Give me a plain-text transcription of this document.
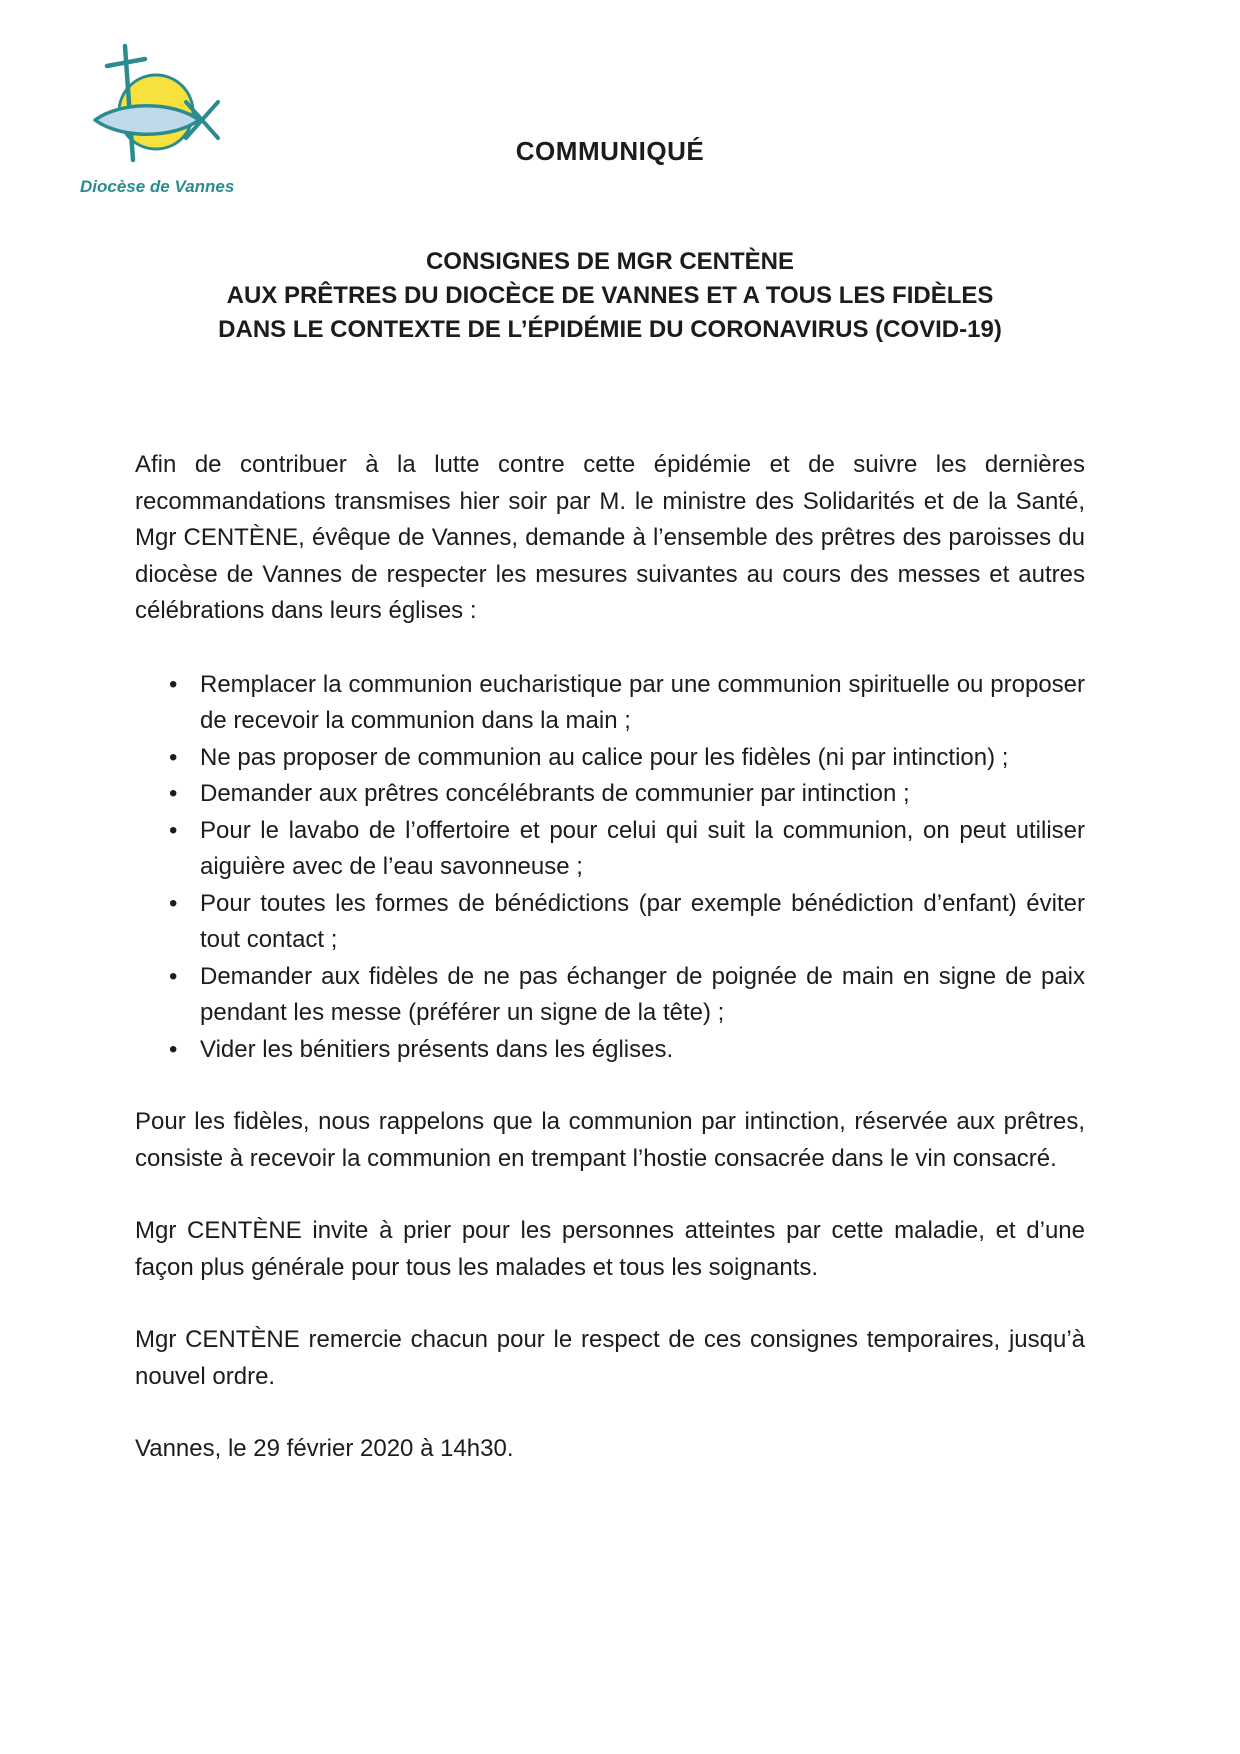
Diocèse de Vannes
COMMUNIQUÉ
CONSIGNES DE MGR CENTÈNE
AUX PRÊTRES DU DIOCÈCE DE VANNES ET A TOUS LES FIDÈLES
DANS LE CONTEXTE DE L’ÉPIDÉMIE DU CORONAVIRUS (COVID-19)

Afin de contribuer à la lutte contre cette épidémie et de suivre les dernières recommandations transmises hier soir par M. le ministre des Solidarités et de la Santé, Mgr CENTÈNE, évêque de Vannes, demande à l’ensemble des prêtres des paroisses du diocèse de Vannes de respecter les mesures suivantes au cours des messes et autres célébrations dans leurs églises :

• Remplacer la communion eucharistique par une communion spirituelle ou proposer de recevoir la communion dans la main ;
• Ne pas proposer de communion au calice pour les fidèles (ni par intinction) ;
• Demander aux prêtres concélébrants de communier par intinction ;
• Pour le lavabo de l’offertoire et pour celui qui suit la communion, on peut utiliser aiguière avec de l’eau savonneuse ;
• Pour toutes les formes de bénédictions (par exemple bénédiction d’enfant) éviter tout contact ;
• Demander aux fidèles de ne pas échanger de poignée de main en signe de paix pendant les messe (préférer un signe de la tête) ;
• Vider les bénitiers présents dans les églises.

Pour les fidèles, nous rappelons que la communion par intinction, réservée aux prêtres, consiste à recevoir la communion en trempant l’hostie consacrée dans le vin consacré.

Mgr CENTÈNE invite à prier pour les personnes atteintes par cette maladie, et d’une façon plus générale pour tous les malades et tous les soignants.

Mgr CENTÈNE remercie chacun pour le respect de ces consignes temporaires, jusqu’à nouvel ordre.

Vannes, le 29 février 2020 à 14h30.
